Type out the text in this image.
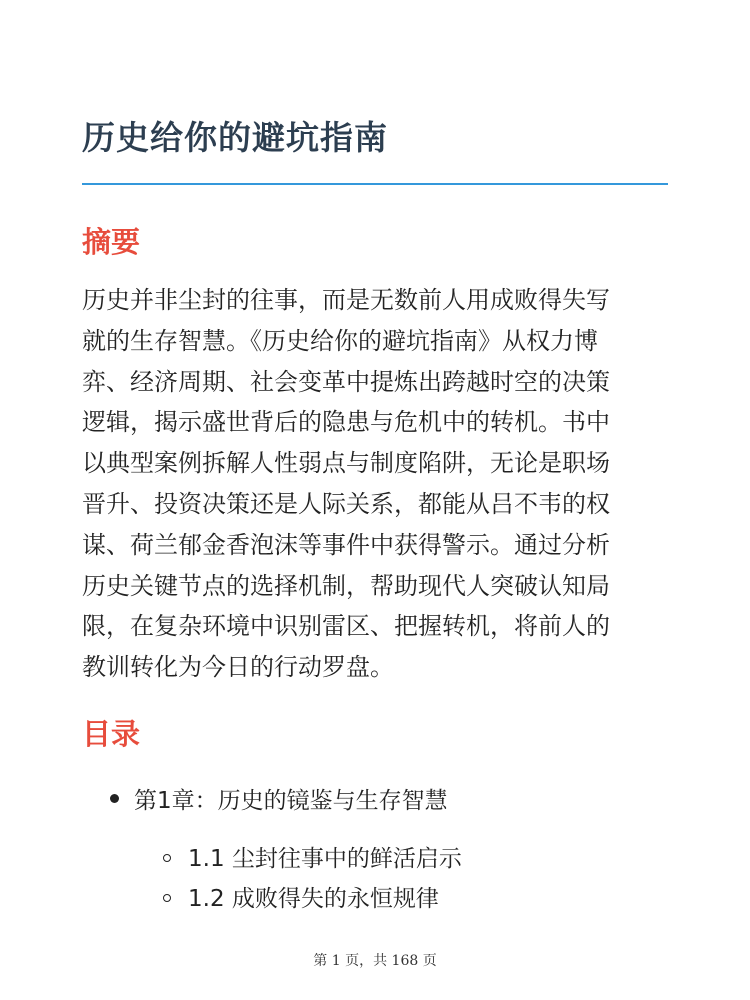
历史给你的避坑指南
摘要
历史并非尘封的往事，而是无数前人用成败得失写
就的生存智慧。《历史给你的避坑指南》从权力博
弈、经济周期、社会变革中提炼出跨越时空的决策
逻辑，揭示盛世背后的隐患与危机中的转机。书中
以典型案例拆解人性弱点与制度陷阱，无论是职场
晋升、投资决策还是人际关系，都能从吕不韦的权
谋、荷兰郁金香泡沫等事件中获得警示。通过分析
历史关键节点的选择机制，帮助现代人突破认知局
限，在复杂环境中识别雷区、把握转机，将前人的
教训转化为今日的行动罗盘。
目录
第1章：历史的镜鉴与生存智慧
1.1 尘封往事中的鲜活启示
1.2 成败得失的永恒规律
第 1 页，共 168 页
